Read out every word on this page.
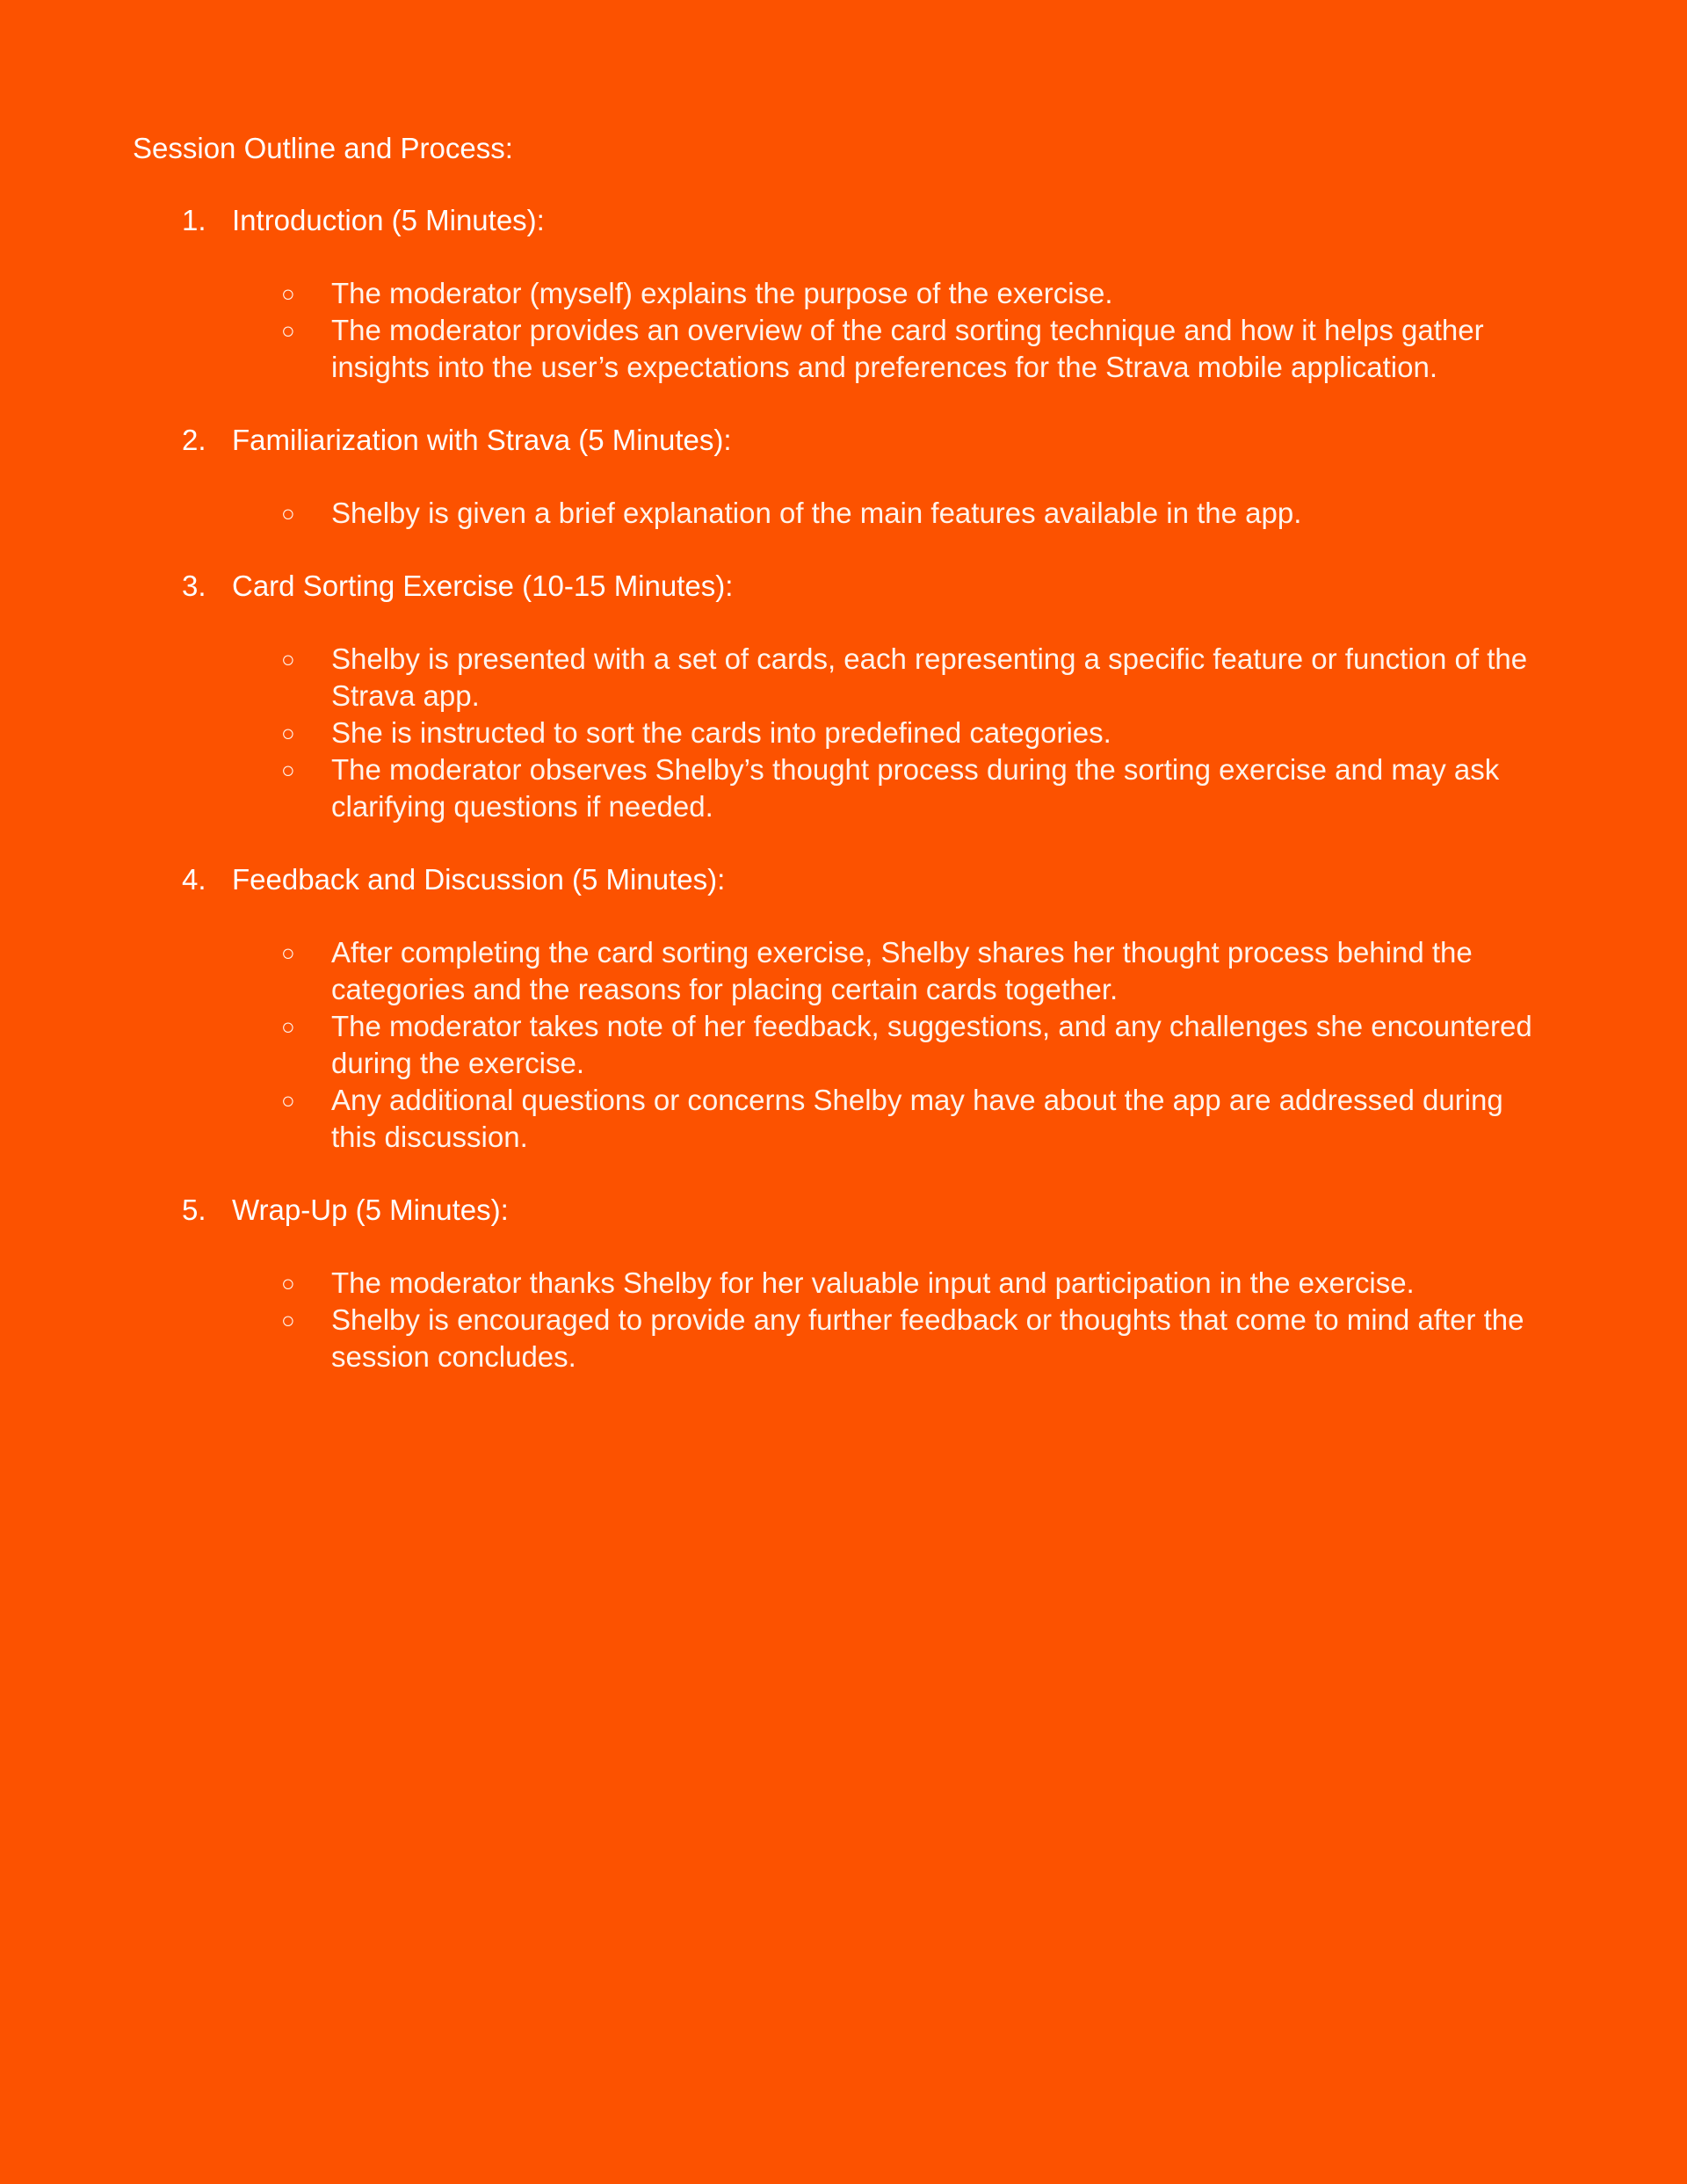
Session Outline and Process:
1. Introduction (5 Minutes):
○	The moderator (myself) explains the purpose of the exercise.
○	The moderator provides an overview of the card sorting technique and how it helps gather insights into the user’s expectations and preferences for the Strava mobile application.
2. Familiarization with Strava (5 Minutes):
○	Shelby is given a brief explanation of the main features available in the app.
3. Card Sorting Exercise (10-15 Minutes):
○	Shelby is presented with a set of cards, each representing a specific feature or function of the Strava app.
○	She is instructed to sort the cards into predefined categories.
○	The moderator observes Shelby’s thought process during the sorting exercise and may ask clarifying questions if needed.
4. Feedback and Discussion (5 Minutes):
○	After completing the card sorting exercise, Shelby shares her thought process behind the categories and the reasons for placing certain cards together.
○	The moderator takes note of her feedback, suggestions, and any challenges she encountered during the exercise.
○	Any additional questions or concerns Shelby may have about the app are addressed during this discussion.
5. Wrap-Up (5 Minutes):
○	The moderator thanks Shelby for her valuable input and participation in the exercise.
○	Shelby is encouraged to provide any further feedback or thoughts that come to mind after the session concludes.
